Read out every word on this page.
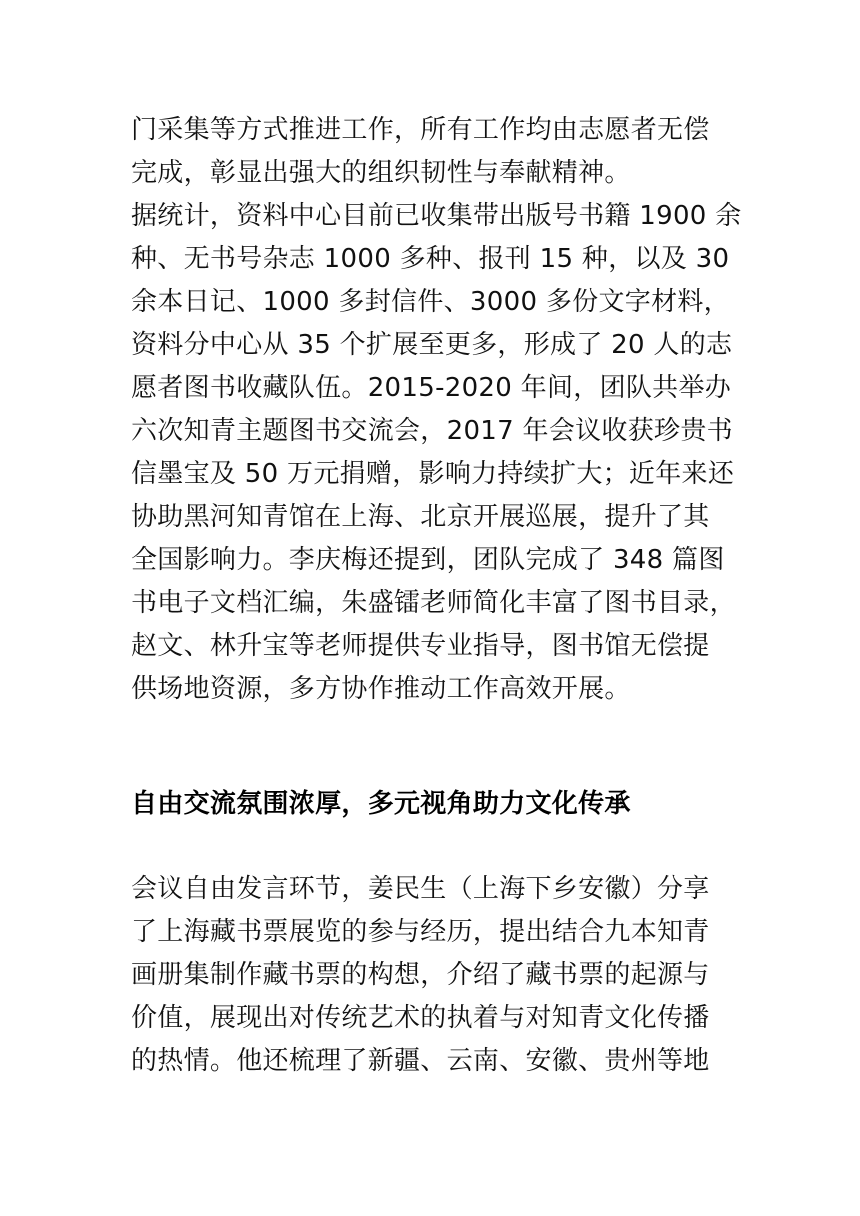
门采集等方式推进工作，所有工作均由志愿者无偿
完成，彰显出强大的组织韧性与奉献精神。
据统计，资料中心目前已收集带出版号书籍 1900 余
种、无书号杂志 1000 多种、报刊 15 种，以及 30
余本日记、1000 多封信件、3000 多份文字材料，
资料分中心从 35 个扩展至更多，形成了 20 人的志
愿者图书收藏队伍。2015-2020 年间，团队共举办
六次知青主题图书交流会，2017 年会议收获珍贵书
信墨宝及 50 万元捐赠，影响力持续扩大；近年来还
协助黑河知青馆在上海、北京开展巡展，提升了其
全国影响力。李庆梅还提到，团队完成了 348 篇图
书电子文档汇编，朱盛镭老师简化丰富了图书目录，
赵文、林升宝等老师提供专业指导，图书馆无偿提
供场地资源，多方协作推动工作高效开展。
自由交流氛围浓厚，多元视角助力文化传承
会议自由发言环节，姜民生（上海下乡安徽）分享
了上海藏书票展览的参与经历，提出结合九本知青
画册集制作藏书票的构想，介绍了藏书票的起源与
价值，展现出对传统艺术的执着与对知青文化传播
的热情。他还梳理了新疆、云南、安徽、贵州等地
